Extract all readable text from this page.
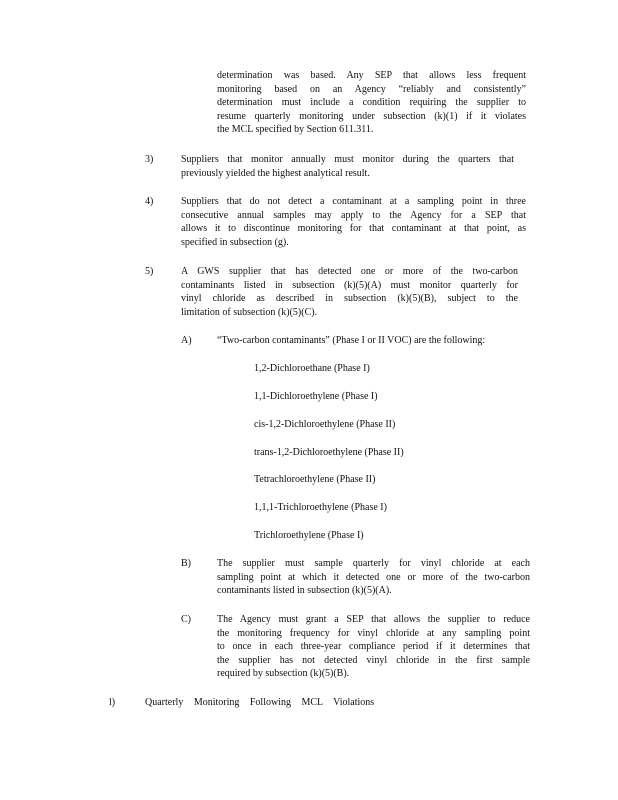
determination was based. Any SEP that allows less frequent
monitoring based on an Agency “reliably and consistently”
determination must include a condition requiring the supplier to
resume quarterly monitoring under subsection (k)(1) if it violates
the MCL specified by Section 611.311.
3)	Suppliers that monitor annually must monitor during the quarters that
previously yielded the highest analytical result.
4)	Suppliers that do not detect a contaminant at a sampling point in three
consecutive annual samples may apply to the Agency for a SEP that
allows it to discontinue monitoring for that contaminant at that point, as
specified in subsection (g).
5)	A GWS supplier that has detected one or more of the two-carbon
contaminants listed in subsection (k)(5)(A) must monitor quarterly for
vinyl chloride as described in subsection (k)(5)(B), subject to the
limitation of subsection (k)(5)(C).
A)	“Two-carbon contaminants” (Phase I or II VOC) are the following:
1,2-Dichloroethane (Phase I)
1,1-Dichloroethylene (Phase I)
cis-1,2-Dichloroethylene (Phase II)
trans-1,2-Dichloroethylene (Phase II)
Tetrachloroethylene (Phase II)
1,1,1-Trichloroethylene (Phase I)
Trichloroethylene (Phase I)
B)	The supplier must sample quarterly for vinyl chloride at each
sampling point at which it detected one or more of the two-carbon
contaminants listed in subsection (k)(5)(A).
C)	The Agency must grant a SEP that allows the supplier to reduce
the monitoring frequency for vinyl chloride at any sampling point
to once in each three-year compliance period if it determines that
the supplier has not detected vinyl chloride in the first sample
required by subsection (k)(5)(B).
l)	Quarterly Monitoring Following MCL Violations
